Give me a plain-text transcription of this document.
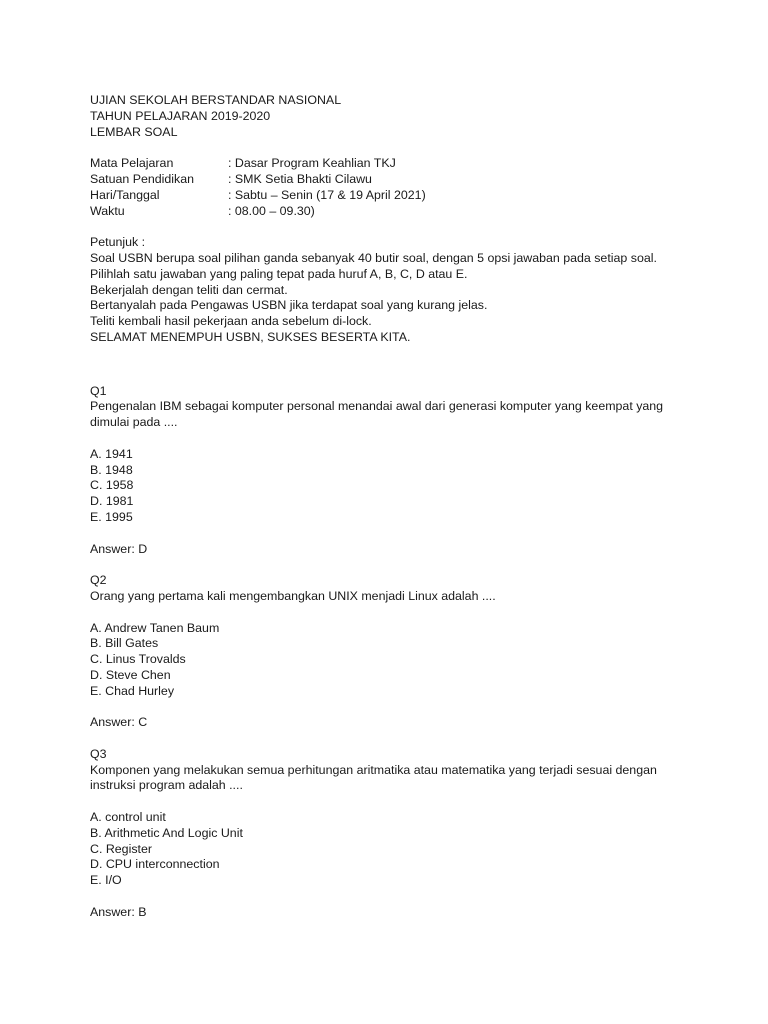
UJIAN SEKOLAH BERSTANDAR NASIONAL
TAHUN PELAJARAN 2019-2020
LEMBAR SOAL
Mata Pelajaran	: Dasar Program Keahlian TKJ
Satuan Pendidikan	: SMK Setia Bhakti Cilawu
Hari/Tanggal	: Sabtu – Senin (17 & 19 April 2021)
Waktu	: 08.00 – 09.30)
Petunjuk :
Soal USBN berupa soal pilihan ganda sebanyak 40 butir soal, dengan 5 opsi jawaban pada setiap soal.
Pilihlah satu jawaban yang paling tepat pada huruf A, B, C, D atau E.
Bekerjalah dengan teliti dan cermat.
Bertanyalah pada Pengawas USBN jika terdapat soal yang kurang jelas.
Teliti kembali hasil pekerjaan anda sebelum di-lock.
SELAMAT MENEMPUH USBN, SUKSES BESERTA KITA.
Q1
Pengenalan IBM sebagai komputer personal menandai awal dari generasi komputer yang keempat yang
dimulai pada ....
A. 1941
B. 1948
C. 1958
D. 1981
E. 1995
Answer: D
Q2
Orang yang pertama kali mengembangkan UNIX menjadi Linux adalah ....
A. Andrew Tanen Baum
B. Bill Gates
C. Linus Trovalds
D. Steve Chen
E. Chad Hurley
Answer: C
Q3
Komponen yang melakukan semua perhitungan aritmatika atau matematika yang terjadi sesuai dengan
instruksi program adalah ....
A. control unit
B. Arithmetic And Logic Unit
C. Register
D. CPU interconnection
E. I/O
Answer: B
